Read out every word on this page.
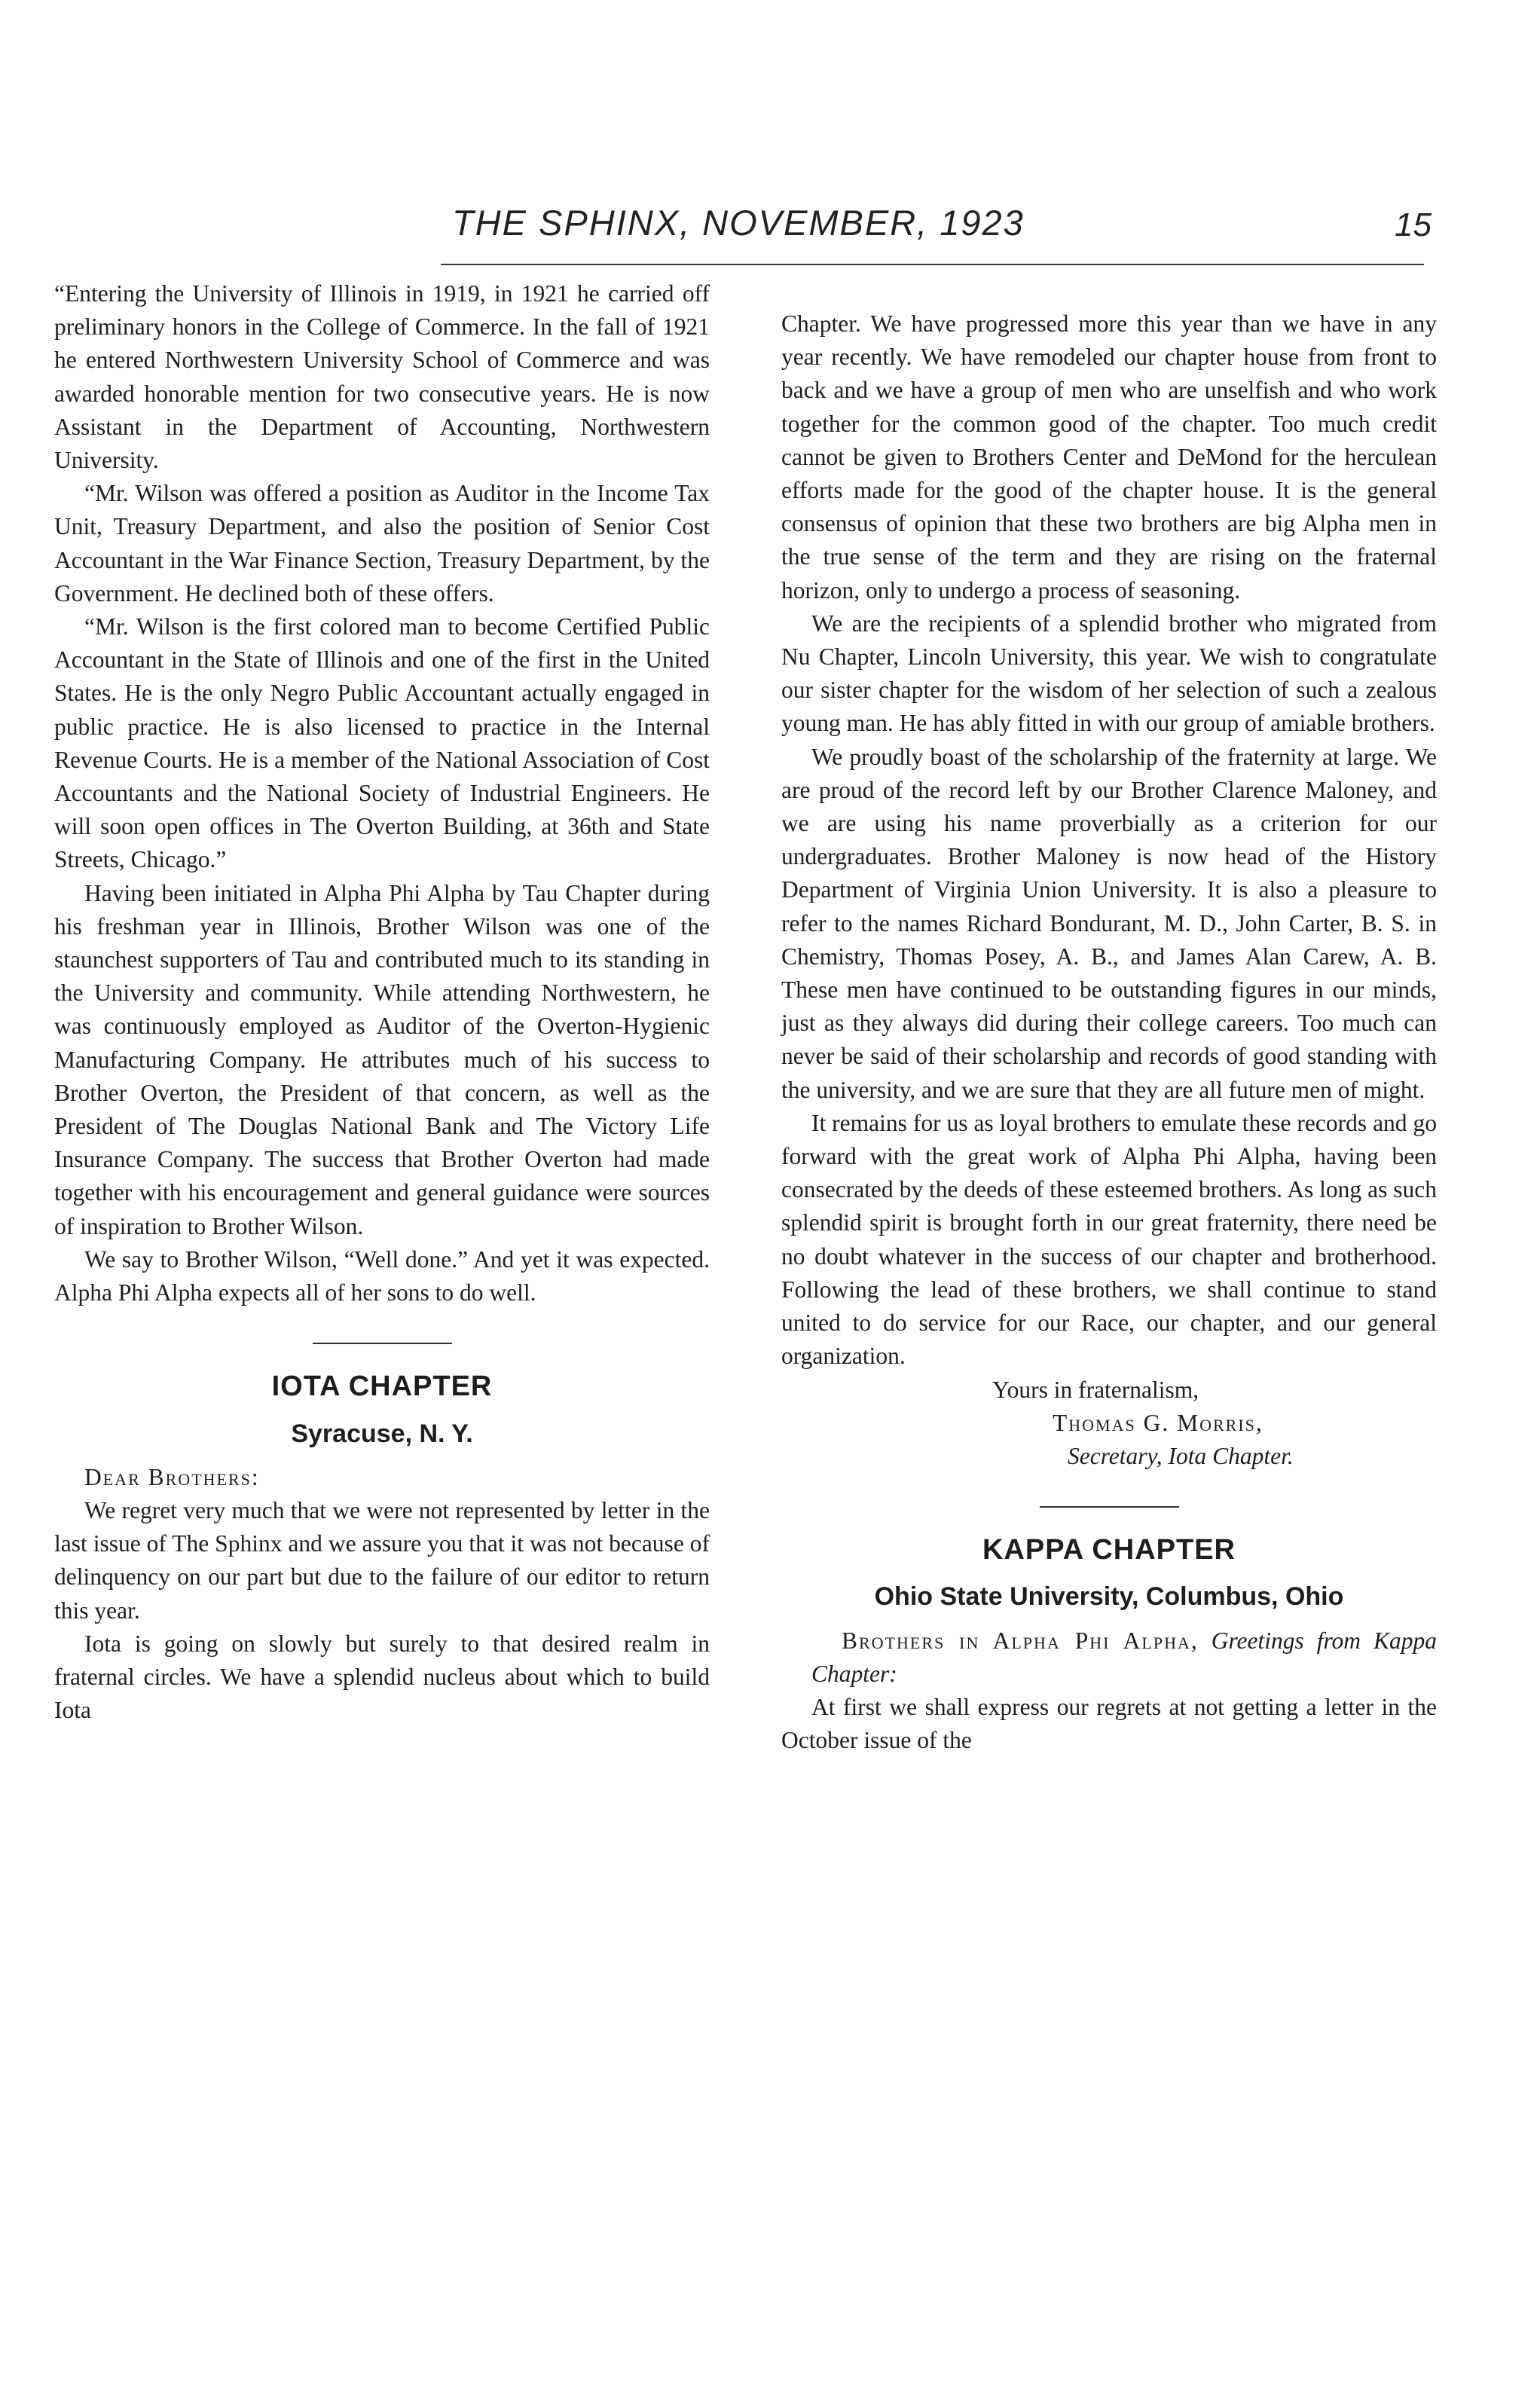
THE SPHINX, NOVEMBER, 1923	15

“Entering the University of Illinois in 1919, in 1921 he carried off preliminary honors in the College of Commerce. In the fall of 1921 he entered Northwestern University School of Commerce and was awarded honorable mention for two consecutive years. He is now Assistant in the Department of Accounting, Northwestern University.

“Mr. Wilson was offered a position as Auditor in the Income Tax Unit, Treasury Department, and also the position of Senior Cost Accountant in the War Finance Section, Treasury Department, by the Government. He declined both of these offers.

“Mr. Wilson is the first colored man to become Certified Public Accountant in the State of Illinois and one of the first in the United States. He is the only Negro Public Accountant actually engaged in public practice. He is also licensed to practice in the Internal Revenue Courts. He is a member of the National Association of Cost Accountants and the National Society of Industrial Engineers. He will soon open offices in The Overton Building, at 36th and State Streets, Chicago.”

Having been initiated in Alpha Phi Alpha by Tau Chapter during his freshman year in Illinois, Brother Wilson was one of the staunchest supporters of Tau and contributed much to its standing in the University and community. While attending Northwestern, he was continuously employed as Auditor of the Overton-Hygienic Manufacturing Company. He attributes much of his success to Brother Overton, the President of that concern, as well as the President of The Douglas National Bank and The Victory Life Insurance Company. The success that Brother Overton had made together with his encouragement and general guidance were sources of inspiration to Brother Wilson.

We say to Brother Wilson, “Well done.” And yet it was expected. Alpha Phi Alpha expects all of her sons to do well.

IOTA CHAPTER
Syracuse, N. Y.

Dear Brothers:

We regret very much that we were not represented by letter in the last issue of The Sphinx and we assure you that it was not because of delinquency on our part but due to the failure of our editor to return this year.

Iota is going on slowly but surely to that desired realm in fraternal circles. We have a splendid nucleus about which to build Iota

Chapter. We have progressed more this year than we have in any year recently. We have remodeled our chapter house from front to back and we have a group of men who are unselfish and who work together for the common good of the chapter. Too much credit cannot be given to Brothers Center and DeMond for the herculean efforts made for the good of the chapter house. It is the general consensus of opinion that these two brothers are big Alpha men in the true sense of the term and they are rising on the fraternal horizon, only to undergo a process of seasoning.

We are the recipients of a splendid brother who migrated from Nu Chapter, Lincoln University, this year. We wish to congratulate our sister chapter for the wisdom of her selection of such a zealous young man. He has ably fitted in with our group of amiable brothers.

We proudly boast of the scholarship of the fraternity at large. We are proud of the record left by our Brother Clarence Maloney, and we are using his name proverbially as a criterion for our undergraduates. Brother Maloney is now head of the History Department of Virginia Union University. It is also a pleasure to refer to the names Richard Bondurant, M. D., John Carter, B. S. in Chemistry, Thomas Posey, A. B., and James Alan Carew, A. B. These men have continued to be outstanding figures in our minds, just as they always did during their college careers. Too much can never be said of their scholarship and records of good standing with the university, and we are sure that they are all future men of might.

It remains for us as loyal brothers to emulate these records and go forward with the great work of Alpha Phi Alpha, having been consecrated by the deeds of these esteemed brothers. As long as such splendid spirit is brought forth in our great fraternity, there need be no doubt whatever in the success of our chapter and brotherhood. Following the lead of these brothers, we shall continue to stand united to do service for our Race, our chapter, and our general organization.

Yours in fraternalism,

Thomas G. Morris,

Secretary, Iota Chapter.

KAPPA CHAPTER
Ohio State University, Columbus, Ohio

Brothers in Alpha Phi Alpha, Greetings from Kappa Chapter:

At first we shall express our regrets at not getting a letter in the October issue of the
